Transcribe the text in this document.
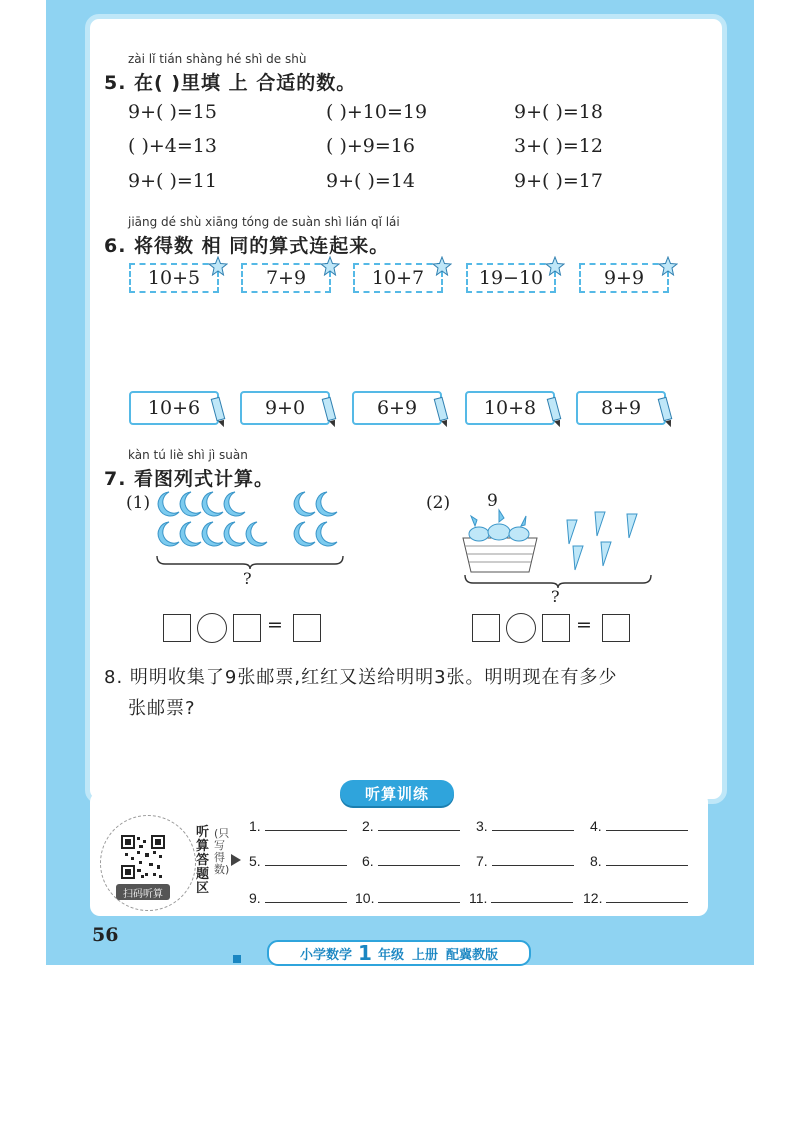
zài lǐ tián shàng hé shì de shù
5. 在( )里填 上 合适的数。
9+( )=15	( )+10=19	9+( )=18
( )+4=13	( )+9=16	3+( )=12
9+( )=11	9+( )=14	9+( )=17
jiāng dé shù xiāng tóng de suàn shì lián qǐ lái
6. 将得数 相 同的算式连起来。
10+5	7+9	10+7	19−10	9+9
10+6	9+0	6+9	10+8	8+9
kàn tú liè shì jì suàn
7. 看图列式计算。
(1)
?
=
(2) 9
?
=
8. 明明收集了9张邮票,红红又送给明明3张。明明现在有多少
张邮票?
听算训练
扫码听算
听算答题区
(只写得数)
1.	2.	3.	4.
5.	6.	7.	8.
9.	10.	11.	12.
56
小学数学 1 年级 上册 配冀教版
